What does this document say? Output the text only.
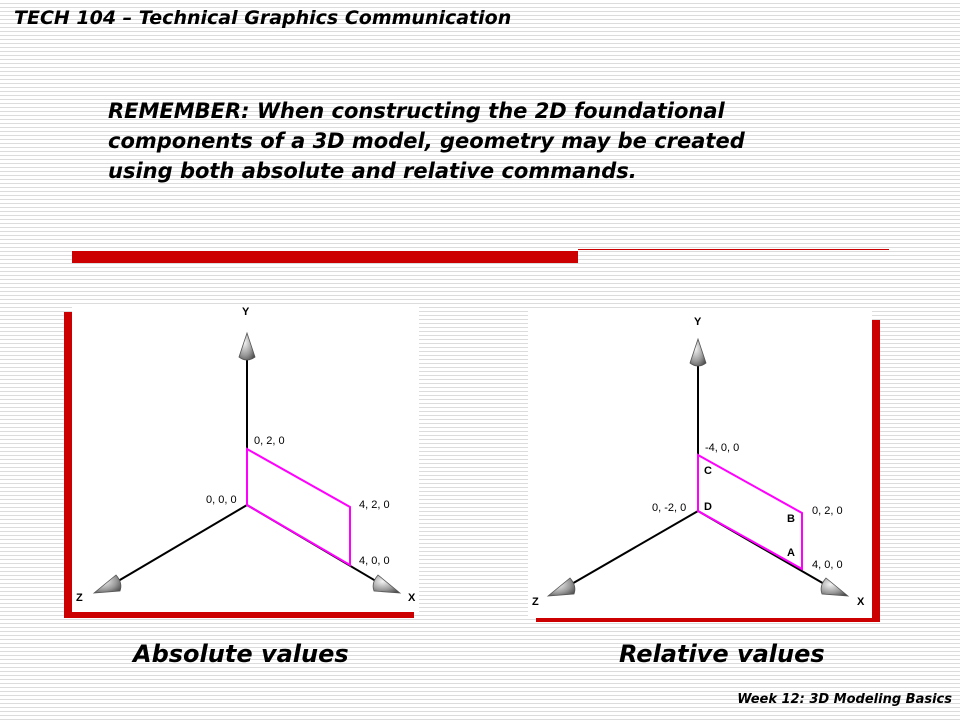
TECH 104 – Technical Graphics Communication
REMEMBER: When constructing the 2D foundational
components of a 3D model, geometry may be created
using both absolute and relative commands.
Y
Z	X
0, 2, 0
0, 0, 0	4, 2, 0
4, 0, 0
Absolute values
Y
Z	X
-4, 0, 0
0, -2, 0	0, 2, 0
4, 0, 0
C
D
B
A
Relative values
Week 12: 3D Modeling Basics
